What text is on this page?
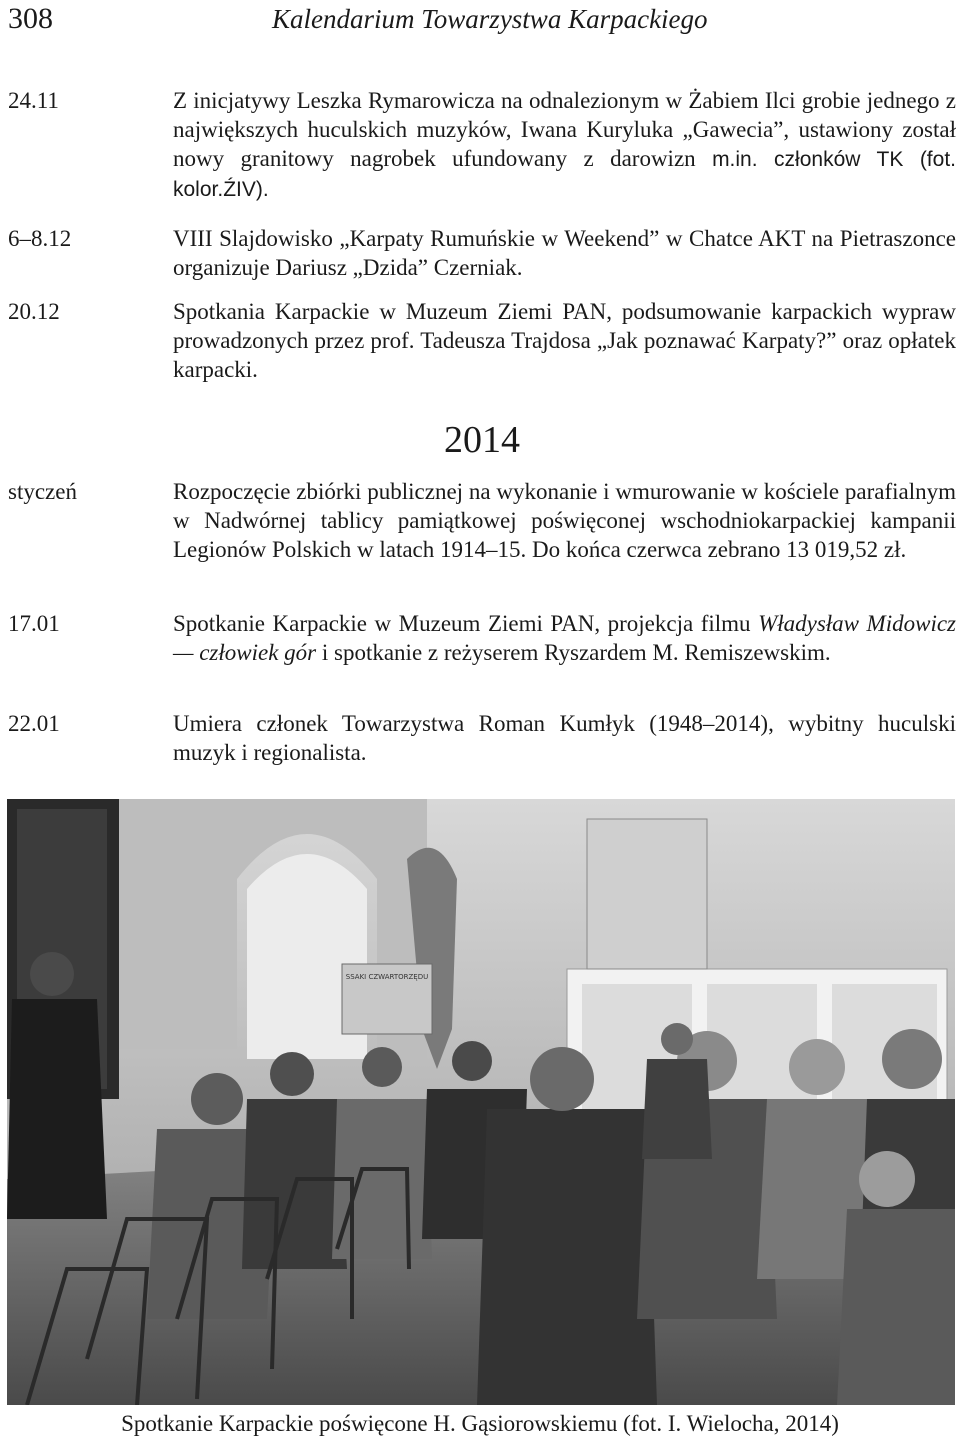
308	Kalendarium Towarzystwa Karpackiego
24.11	Z inicjatywy Leszka Rymarowicza na odnalezionym w Żabiem Ilci grobie jednego z największych huculskich muzyków, Iwana Kuryluka „Gawecia”, ustawiony został nowy granitowy nagrobek ufundowany z darowizn m.in. członków TK (fot. kolor.ŹIV).
6–8.12	VIII Slajdowisko „Karpaty Rumuńskie w Weekend” w Chatce AKT na Pietraszonce organizuje Dariusz „Dzida” Czerniak.
20.12	Spotkania Karpackie w Muzeum Ziemi PAN, podsumowanie karpackich wypraw prowadzonych przez prof. Tadeusza Trajdosa „Jak poznawać Karpaty?” oraz opłatek karpacki.
2014
styczeń	Rozpoczęcie zbiórki publicznej na wykonanie i wmurowanie w kościele parafialnym w Nadwórnej tablicy pamiątkowej poświęconej wschodniokarpackiej kampanii Legionów Polskich w latach 1914–15. Do końca czerwca zebrano 13 019,52 zł.
17.01	Spotkanie Karpackie w Muzeum Ziemi PAN, projekcja filmu Władysław Midowicz — człowiek gór i spotkanie z reżyserem Ryszardem M. Remiszewskim.
22.01	Umiera członek Towarzystwa Roman Kumłyk (1948–2014), wybitny huculski muzyk i regionalista.
SSAKI CZWARTORZĘDU
Spotkanie Karpackie poświęcone H. Gąsiorowskiemu (fot. I. Wielocha, 2014)
